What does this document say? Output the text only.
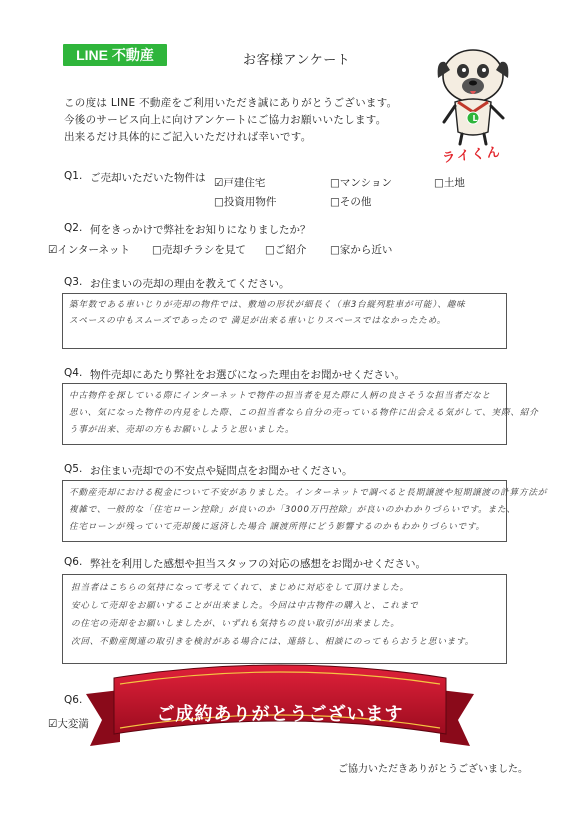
LINE 不動産	お客様アンケート
この度は LINE 不動産をご利用いただき誠にありがとうございます。
今後のサービス向上に向けアンケートにご協力お願いいたします。
出来るだけ具体的にご記入いただければ幸いです。
L
ライくん
Q1. ご売却いただいた物件は ☑戸建住宅	□マンション	□土地
□投資用物件	□その他
Q2. 何をきっかけで弊社をお知りになりましたか？
☑インターネット □売却チラシを見て □ご紹介 □家から近い
Q3. お住まいの売却の理由を教えてください。
築年数である車いじりが売却の物件では、敷地の形状が細長く（車3台縦列駐車が可能）、趣味
スペースの中もスムーズであったので 満足が出来る車いじりスペースではなかったため。
Q4. 物件売却にあたり弊社をお選びになった理由をお聞かせください。
中古物件を探している際にインターネットで物件の担当者を見た際に人柄の良さそうな担当者だなと
思い、気になった物件の内見をした際、この担当者なら自分の売っている物件に出会える気がして、実際、紹介
う事が出来、売却の方もお願いしようと思いました。
Q5. お住まい売却での不安点や疑問点をお聞かせください。
不動産売却における税金について不安がありました。インターネットで調べると長期譲渡や短期譲渡の計算方法が
複雑で、一般的な「住宅ローン控除」が良いのか「3000万円控除」が良いのかわかりづらいです。また、
住宅ローンが残っていて売却後に返済した場合 譲渡所得にどう影響するのかもわかりづらいです。
Q6. 弊社を利用した感想や担当スタッフの対応の感想をお聞かせください。
担当者はこちらの気持になって考えてくれて、まじめに対応をして頂けました。
安心して売却をお願いすることが出来ました。今回は中古物件の購入と、これまで
の住宅の売却をお願いしましたが、いずれも気持ちの良い取引が出来ました。
次回、不動産関連の取引きを検討がある場合には、連絡し、相談にのってもらおうと思います。
Q6.
☑大変満	ご成約ありがとうございます
ご協力いただきありがとうございました。
